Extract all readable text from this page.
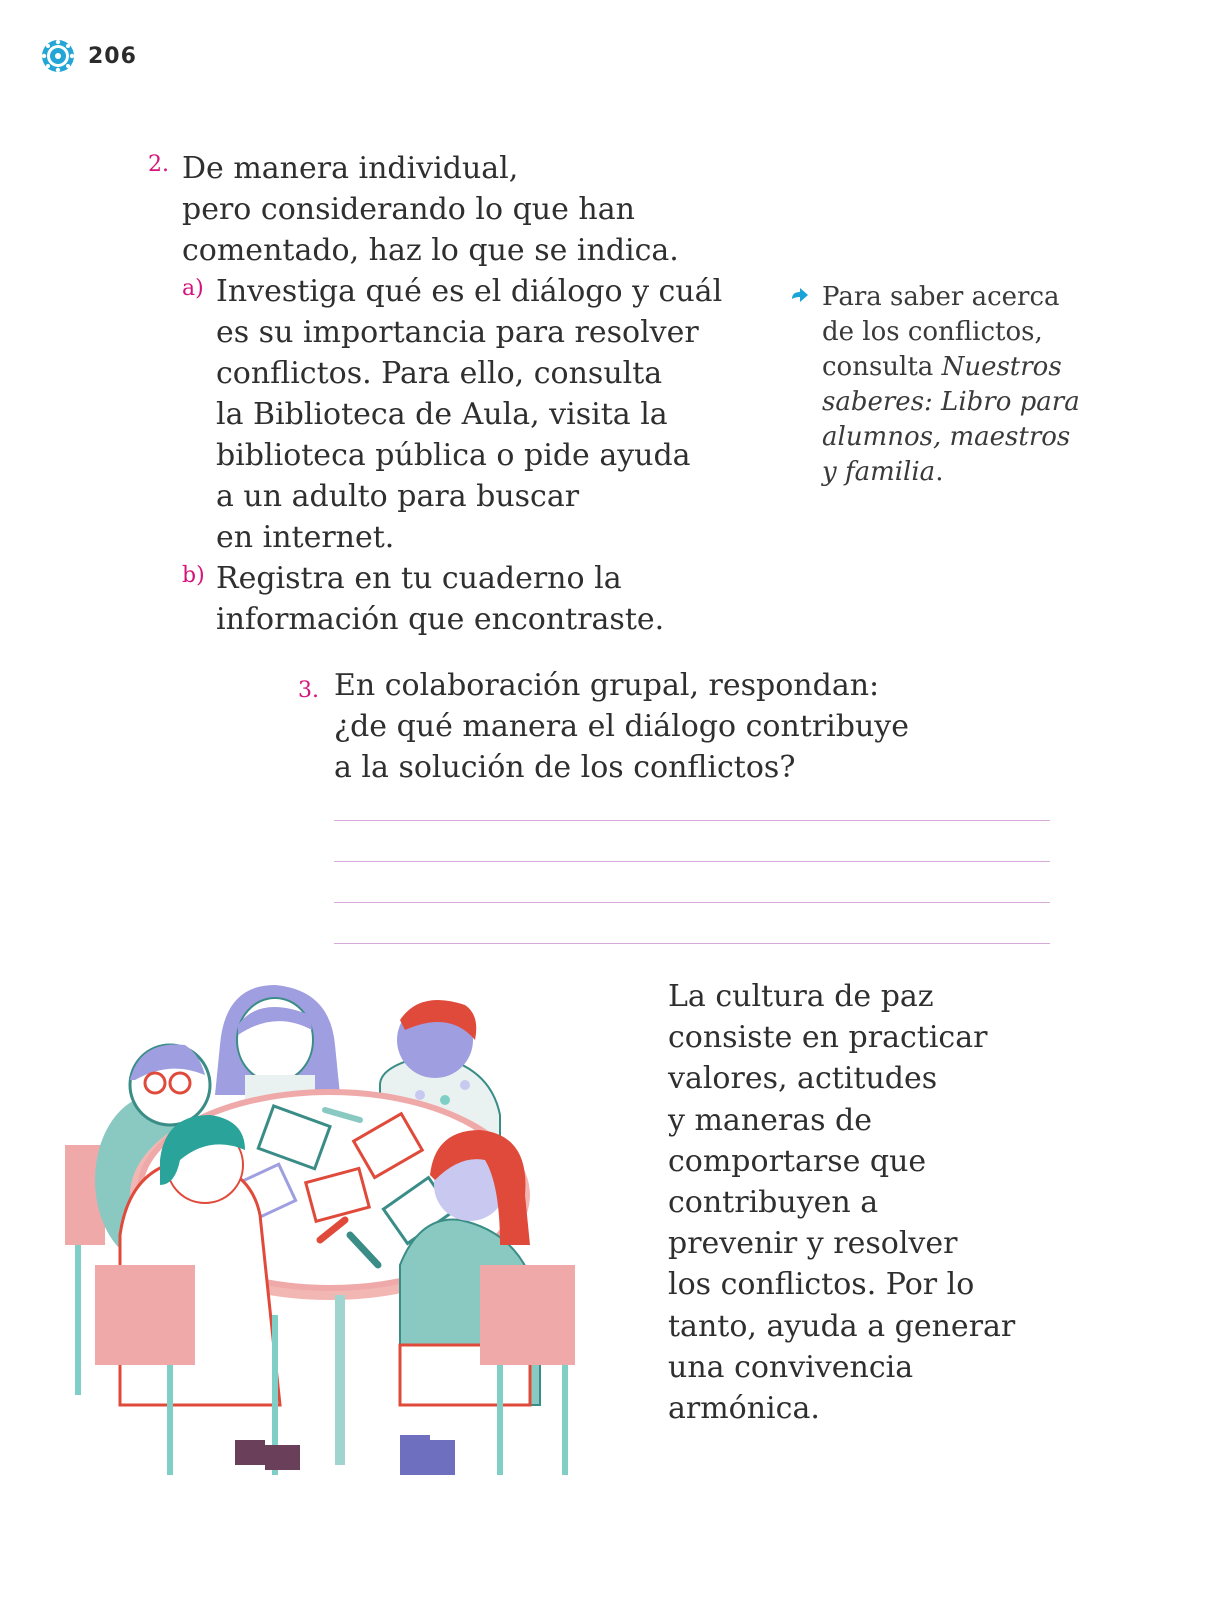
206
2. De manera individual,
pero considerando lo que han
comentado, haz lo que se indica.
a) Investiga qué es el diálogo y cuál
es su importancia para resolver
conflictos. Para ello, consulta
la Biblioteca de Aula, visita la
biblioteca pública o pide ayuda
a un adulto para buscar
en internet.
b) Registra en tu cuaderno la
información que encontraste.
Para saber acerca
de los conflictos,
consulta Nuestros
saberes: Libro para
alumnos, maestros
y familia.
3. En colaboración grupal, respondan:
¿de qué manera el diálogo contribuye
a la solución de los conflictos?
La cultura de paz
consiste en practicar
valores, actitudes
y maneras de
comportarse que
contribuyen a
prevenir y resolver
los conflictos. Por lo
tanto, ayuda a generar
una convivencia
armónica.
